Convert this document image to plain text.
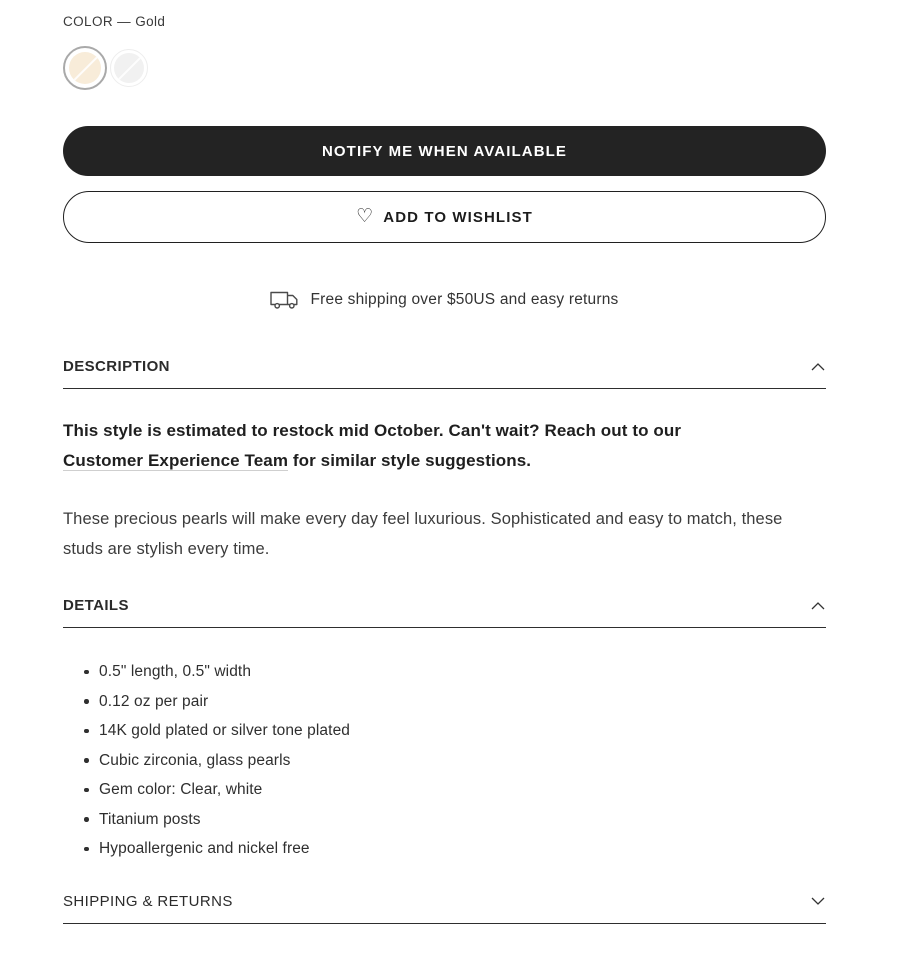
COLOR — Gold
NOTIFY ME WHEN AVAILABLE
♡ ADD TO WISHLIST
Free shipping over $50US and easy returns
DESCRIPTION

This style is estimated to restock mid October. Can't wait? Reach out to our Customer Experience Team for similar style suggestions.

These precious pearls will make every day feel luxurious. Sophisticated and easy to match, these studs are stylish every time.

DETAILS
0.5" length, 0.5" width
0.12 oz per pair
14K gold plated or silver tone plated
Cubic zirconia, glass pearls
Gem color: Clear, white
Titanium posts
Hypoallergenic and nickel free
SHIPPING & RETURNS
